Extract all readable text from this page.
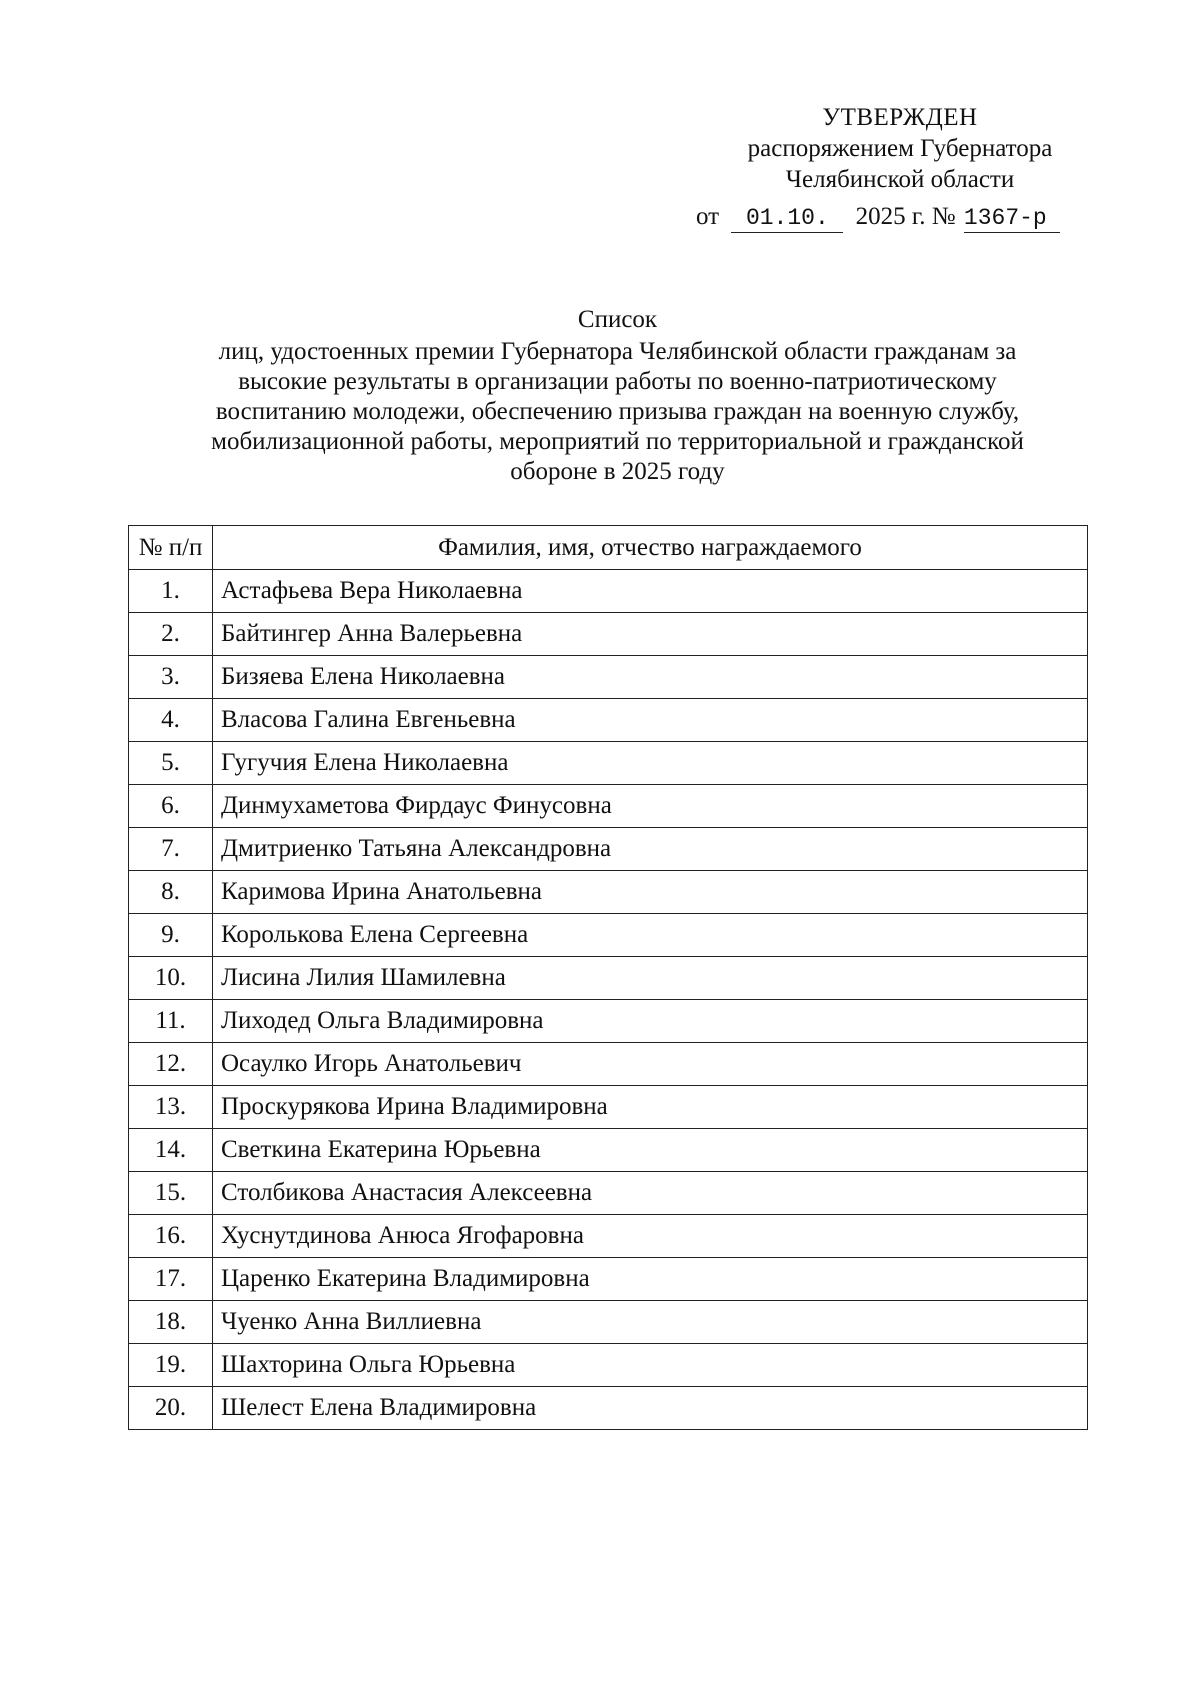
УТВЕРЖДЕН
распоряжением Губернатора
Челябинской области
от 01.10. 2025 г. № 1367-р
Список
лиц, удостоенных премии Губернатора Челябинской области гражданам за
высокие результаты в организации работы по военно-патриотическому
воспитанию молодежи, обеспечению призыва граждан на военную службу,
мобилизационной работы, мероприятий по территориальной и гражданской
обороне в 2025 году
№ п/п	Фамилия, имя, отчество награждаемого
1.	Астафьева Вера Николаевна
2.	Байтингер Анна Валерьевна
3.	Бизяева Елена Николаевна
4.	Власова Галина Евгеньевна
5.	Гугучия Елена Николаевна
6.	Динмухаметова Фирдаус Финусовна
7.	Дмитриенко Татьяна Александровна
8.	Каримова Ирина Анатольевна
9.	Королькова Елена Сергеевна
10.	Лисина Лилия Шамилевна
11.	Лиходед Ольга Владимировна
12.	Осаулко Игорь Анатольевич
13.	Проскурякова Ирина Владимировна
14.	Светкина Екатерина Юрьевна
15.	Столбикова Анастасия Алексеевна
16.	Хуснутдинова Анюса Ягофаровна
17.	Царенко Екатерина Владимировна
18.	Чуенко Анна Виллиевна
19.	Шахторина Ольга Юрьевна
20.	Шелест Елена Владимировна
